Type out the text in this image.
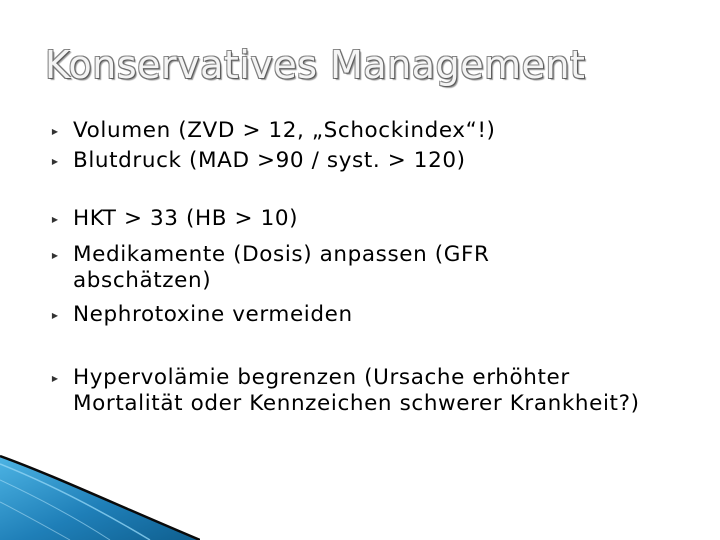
Konservatives Management
▶ Volumen (ZVD > 12, „Schockindex“!)
▶ Blutdruck (MAD >90 / syst. > 120)
▶ HKT > 33 (HB > 10)
▶ Medikamente (Dosis) anpassen (GFR abschätzen)
▶ Nephrotoxine vermeiden
▶ Hypervolämie begrenzen (Ursache erhöhter Mortalität oder Kennzeichen schwerer Krankheit?)
